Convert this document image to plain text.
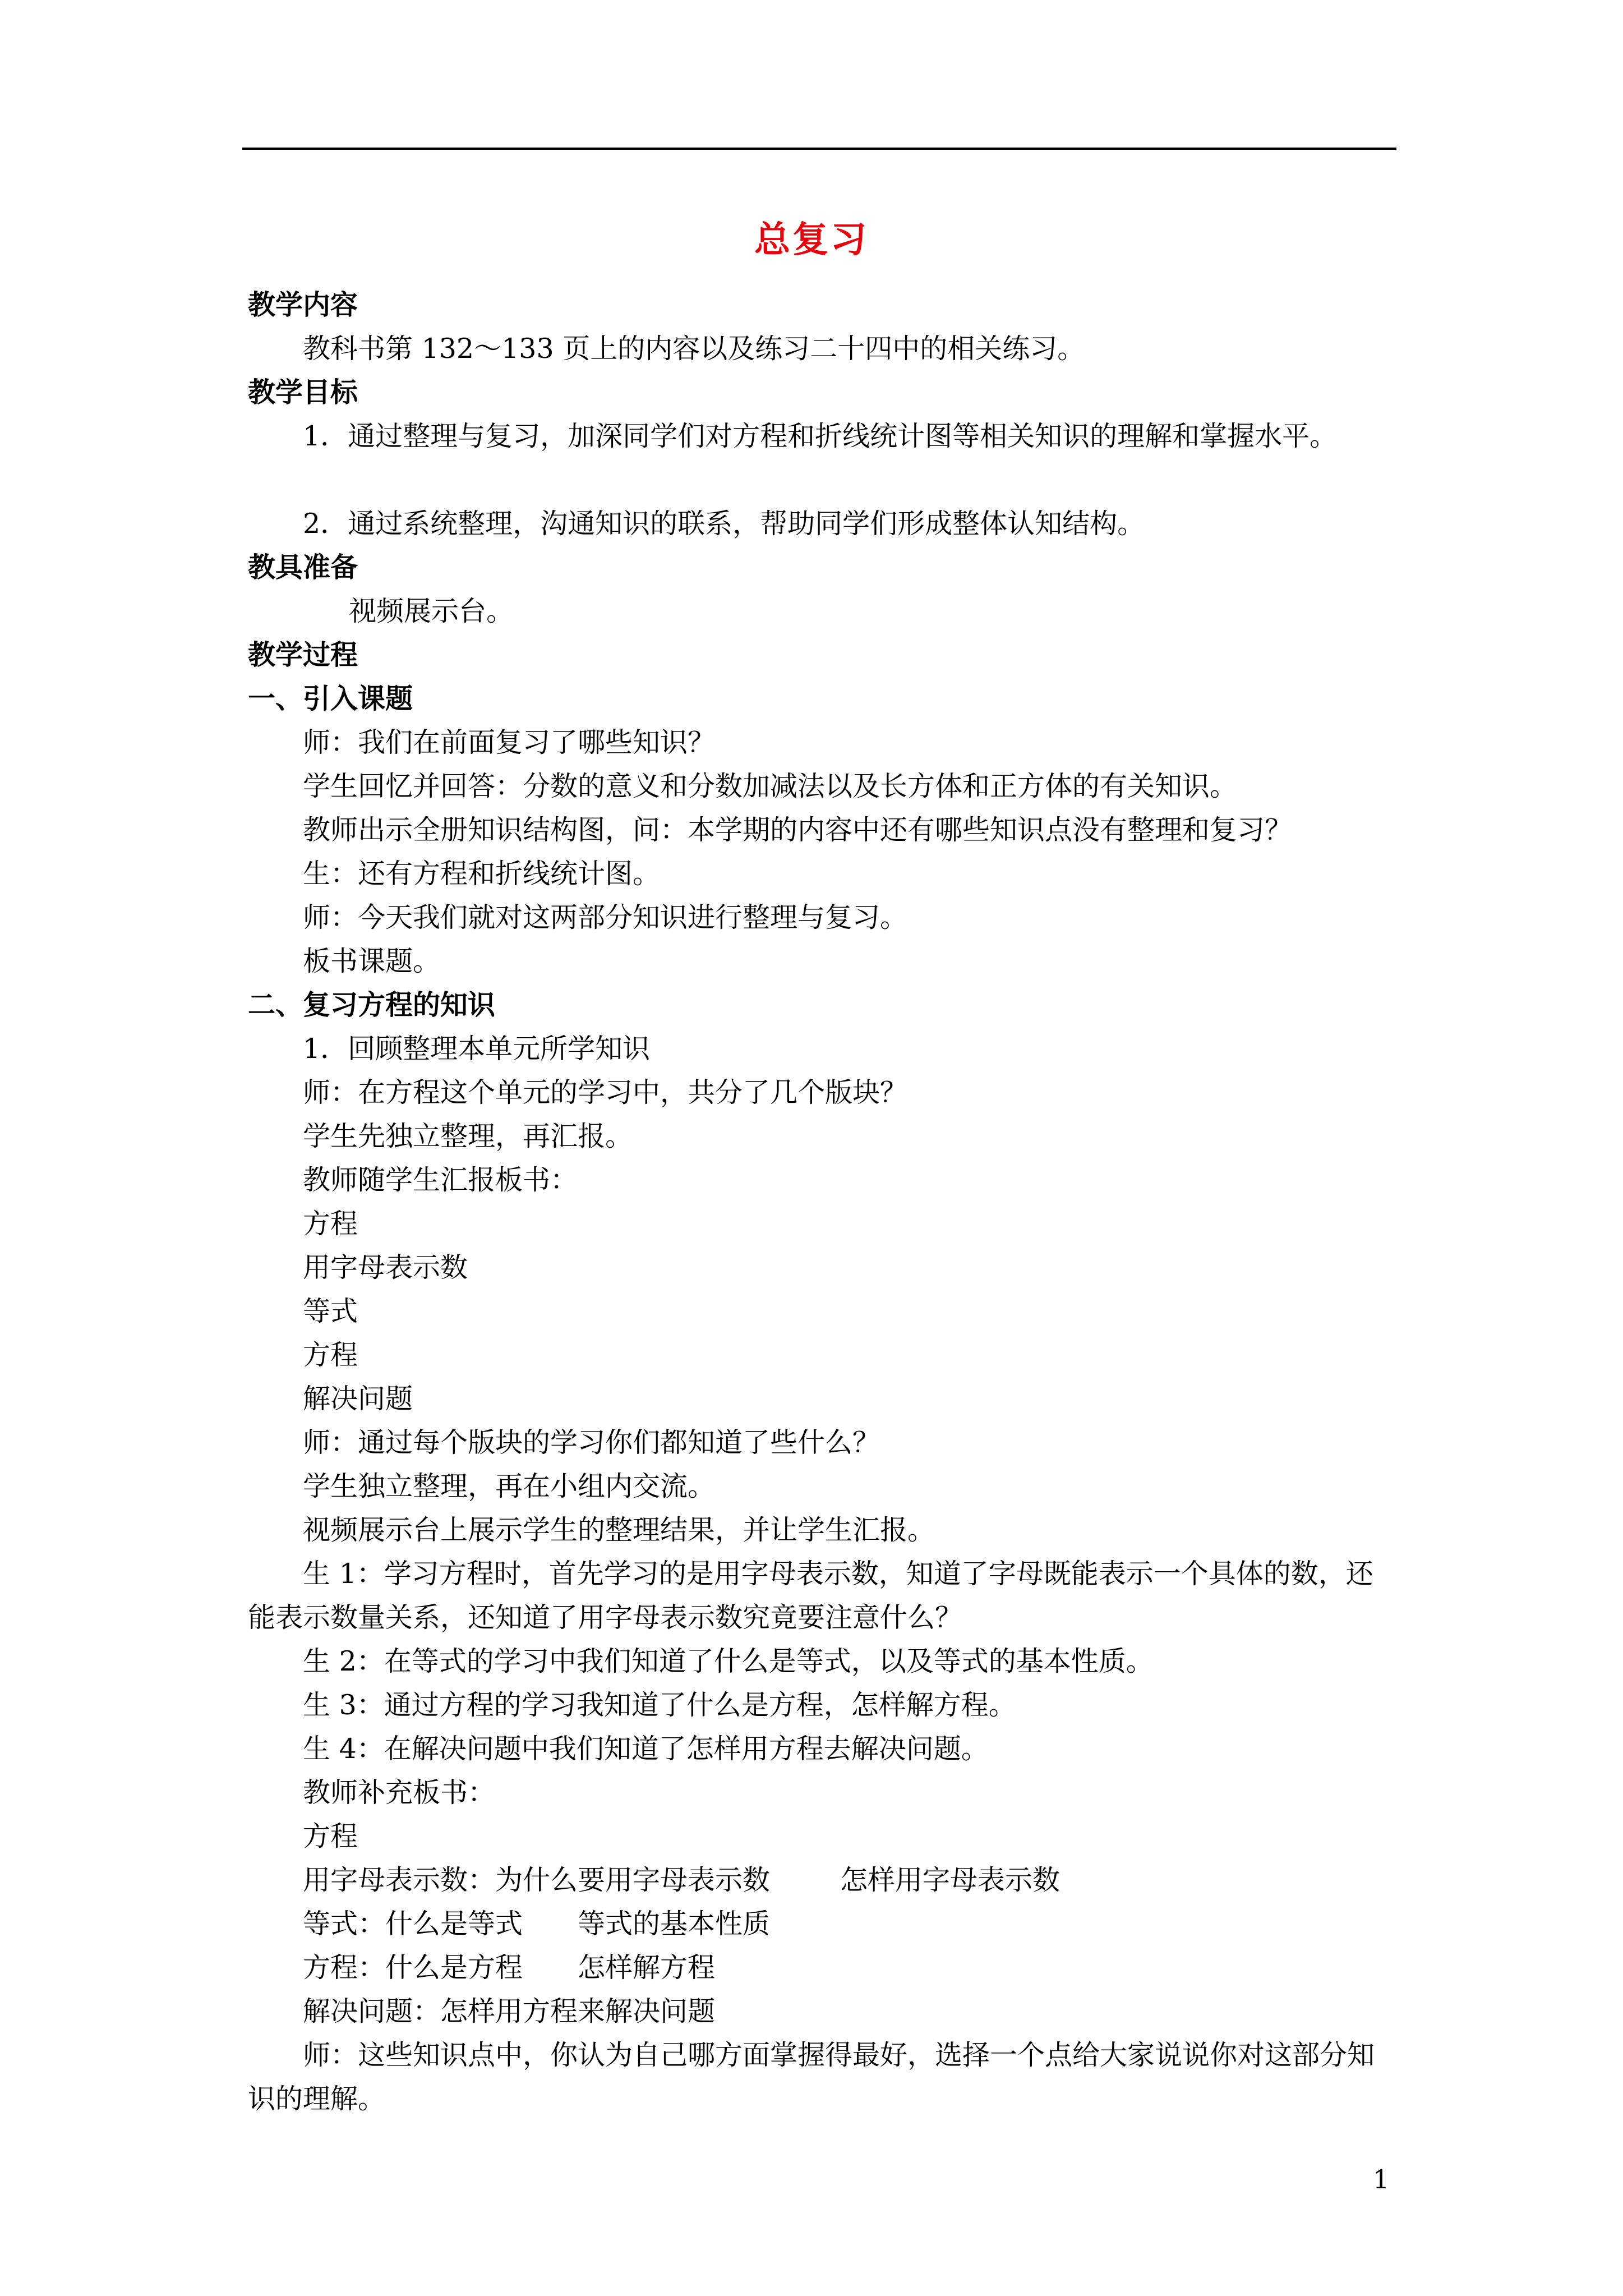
总复习

教学内容

教科书第 132～133 页上的内容以及练习二十四中的相关练习。

教学目标

1．通过整理与复习，加深同学们对方程和折线统计图等相关知识的理解和掌握水平。

2．通过系统整理，沟通知识的联系，帮助同学们形成整体认知结构。

教具准备

视频展示台。

教学过程

一、引入课题

师：我们在前面复习了哪些知识？

学生回忆并回答：分数的意义和分数加减法以及长方体和正方体的有关知识。

教师出示全册知识结构图，问：本学期的内容中还有哪些知识点没有整理和复习？

生：还有方程和折线统计图。

师：今天我们就对这两部分知识进行整理与复习。

板书课题。

二、复习方程的知识

1．回顾整理本单元所学知识

师：在方程这个单元的学习中，共分了几个版块？

学生先独立整理，再汇报。

教师随学生汇报板书：

方程

用字母表示数

等式

方程

解决问题

师：通过每个版块的学习你们都知道了些什么？

学生独立整理，再在小组内交流。

视频展示台上展示学生的整理结果，并让学生汇报。

生 1：学习方程时，首先学习的是用字母表示数，知道了字母既能表示一个具体的数，还能表示数量关系，还知道了用字母表示数究竟要注意什么？

生 2：在等式的学习中我们知道了什么是等式，以及等式的基本性质。

生 3：通过方程的学习我知道了什么是方程，怎样解方程。

生 4：在解决问题中我们知道了怎样用方程去解决问题。

教师补充板书：

方程

用字母表示数：为什么要用字母表示数	怎样用字母表示数

等式：什么是等式 等式的基本性质

方程：什么是方程 怎样解方程

解决问题：怎样用方程来解决问题

师：这些知识点中，你认为自己哪方面掌握得最好，选择一个点给大家说说你对这部分知识的理解。

1
